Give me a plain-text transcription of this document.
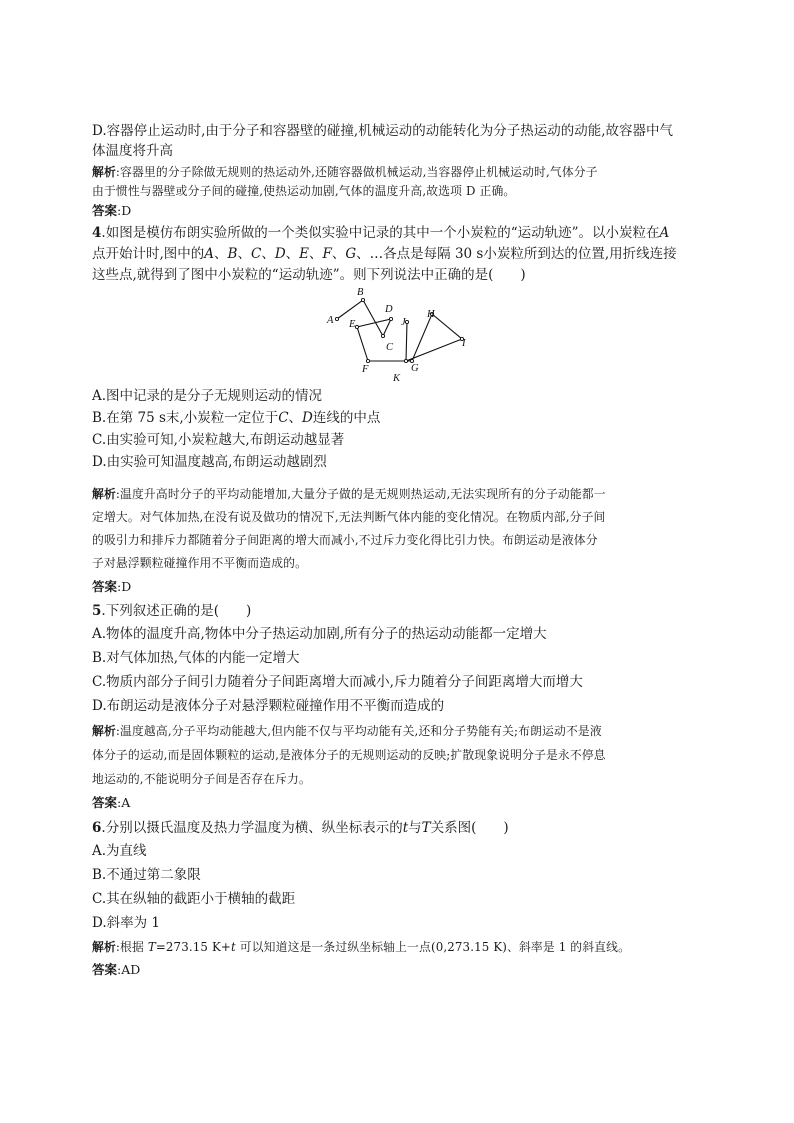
D.容器停止运动时,由于分子和容器壁的碰撞,机械运动的动能转化为分子热运动的动能,故容器中气
体温度将升高
解析:容器里的分子除做无规则的热运动外,还随容器做机械运动,当容器停止机械运动时,气体分子
由于惯性与器壁或分子间的碰撞,使热运动加剧,气体的温度升高,故选项 D 正确。
答案:D
4.如图是模仿布朗实验所做的一个类似实验中记录的其中一个小炭粒的“运动轨迹”。以小炭粒在A
点开始计时,图中的A、B、C、D、E、F、G、…各点是每隔 30 s小炭粒所到达的位置,用折线连接
这些点,就得到了图中小炭粒的“运动轨迹”。则下列说法中正确的是(　　)
A
B
C
D
E
F	G
H
I
J
K
A.图中记录的是分子无规则运动的情况
B.在第 75 s末,小炭粒一定位于C、D连线的中点
C.由实验可知,小炭粒越大,布朗运动越显著
D.由实验可知温度越高,布朗运动越剧烈
解析:温度升高时分子的平均动能增加,大量分子做的是无规则热运动,无法实现所有的分子动能都一
定增大。对气体加热,在没有说及做功的情况下,无法判断气体内能的变化情况。在物质内部,分子间
的吸引力和排斥力都随着分子间距离的增大而减小,不过斥力变化得比引力快。布朗运动是液体分
子对悬浮颗粒碰撞作用不平衡而造成的。
答案:D
5.下列叙述正确的是(　　)
A.物体的温度升高,物体中分子热运动加剧,所有分子的热运动动能都一定增大
B.对气体加热,气体的内能一定增大
C.物质内部分子间引力随着分子间距离增大而减小,斥力随着分子间距离增大而增大
D.布朗运动是液体分子对悬浮颗粒碰撞作用不平衡而造成的
解析:温度越高,分子平均动能越大,但内能不仅与平均动能有关,还和分子势能有关;布朗运动不是液
体分子的运动,而是固体颗粒的运动,是液体分子的无规则运动的反映;扩散现象说明分子是永不停息
地运动的,不能说明分子间是否存在斥力。
答案:A
6.分别以摄氏温度及热力学温度为横、纵坐标表示的t与T关系图(　　)
A.为直线
B.不通过第二象限
C.其在纵轴的截距小于横轴的截距
D.斜率为 1
解析:根据 T=273.15 K+t 可以知道这是一条过纵坐标轴上一点(0,273.15 K)、斜率是 1 的斜直线。
答案:AD
